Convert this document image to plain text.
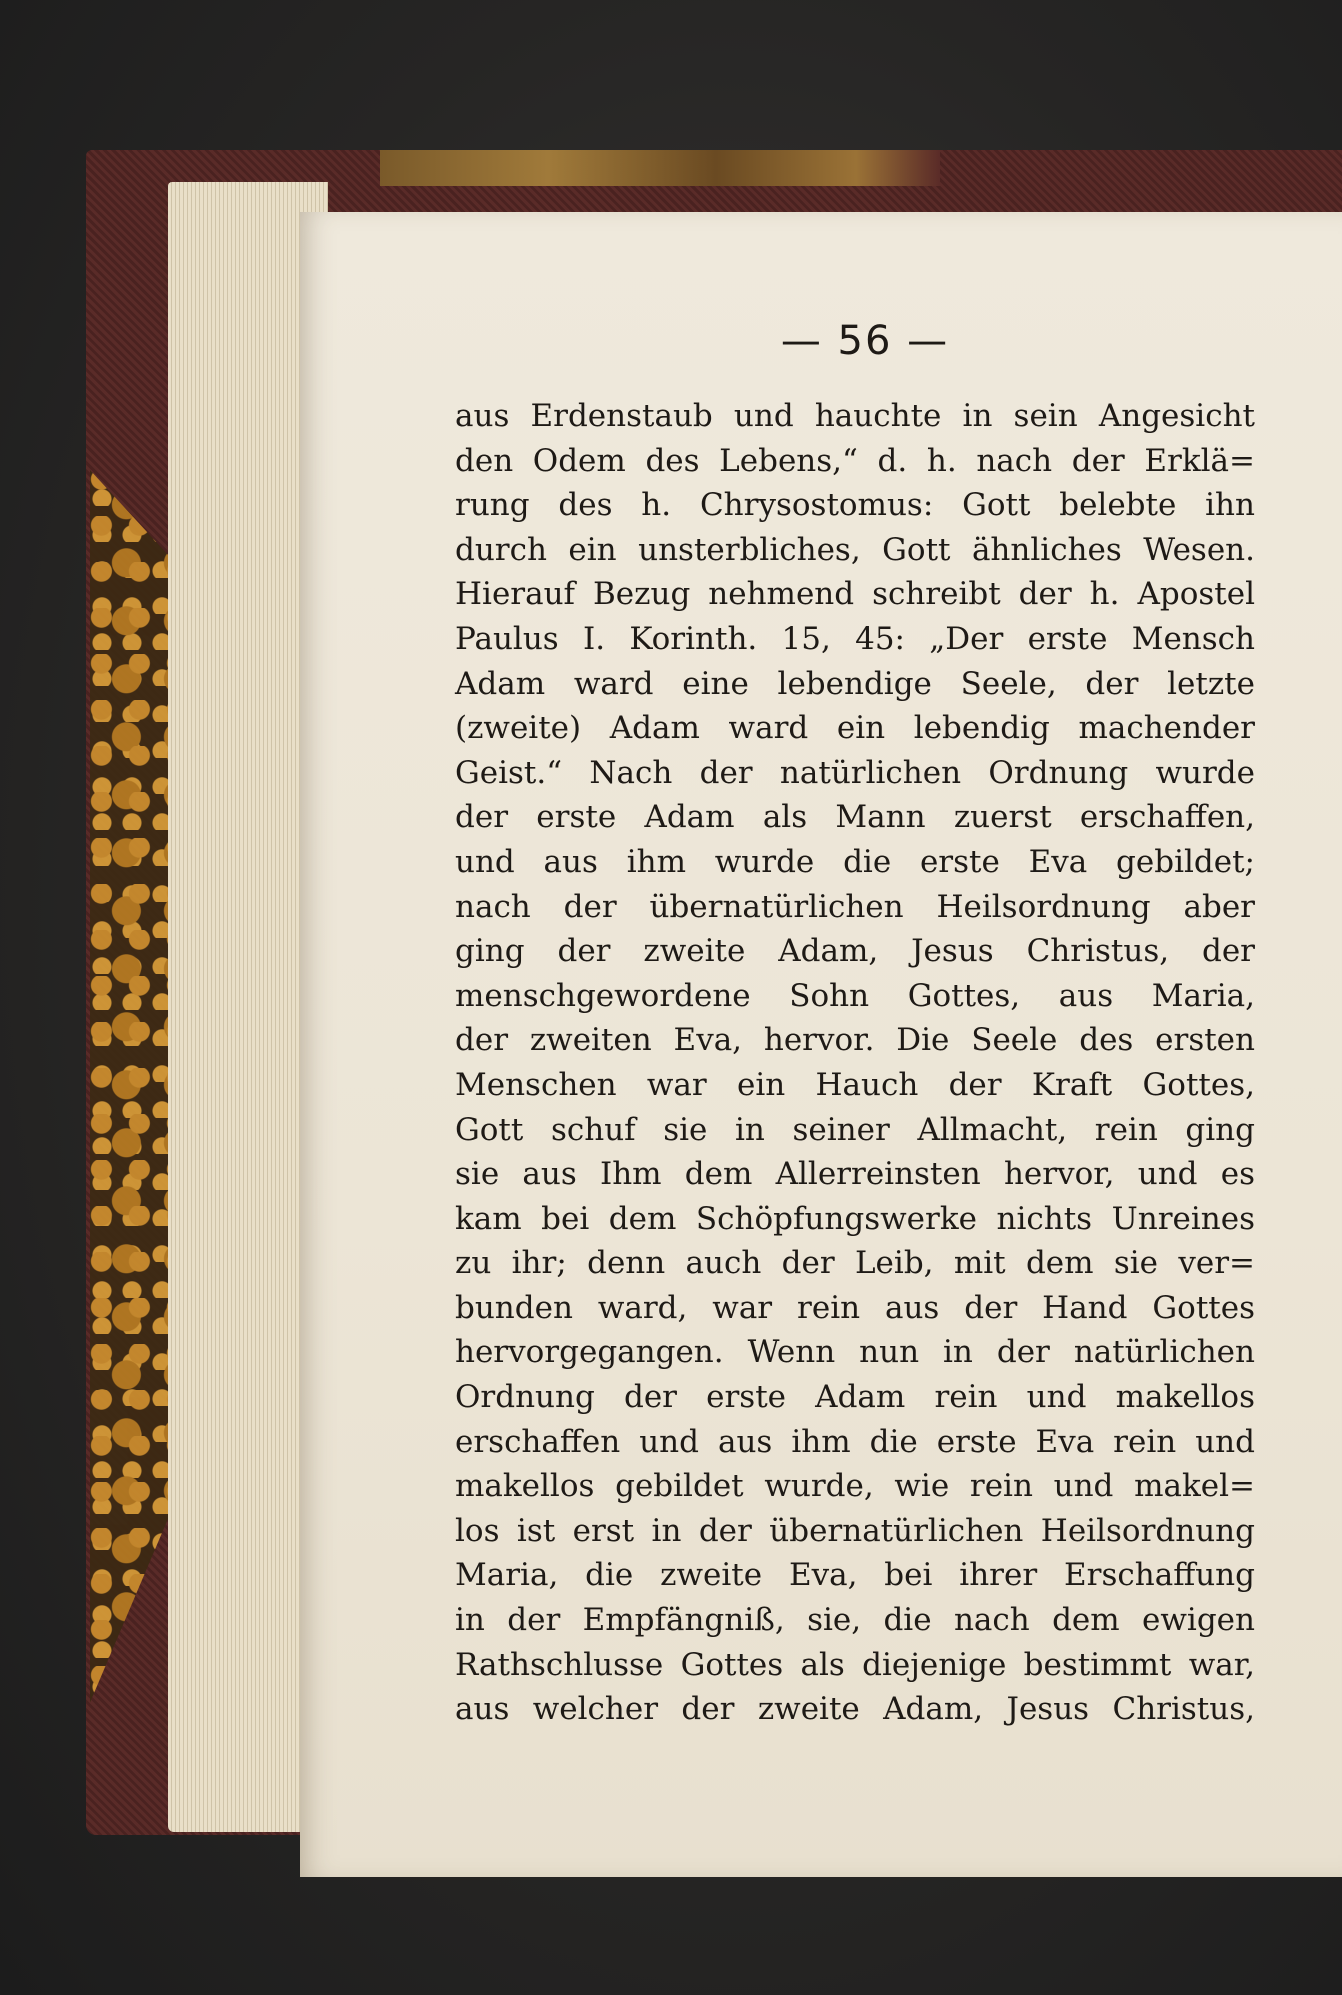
— 56 —
aus Erdenstaub und hauchte in sein Angesicht
den Odem des Lebens,“ d. h. nach der Erklä=
rung des h. Chrysostomus: Gott belebte ihn
durch ein unsterbliches, Gott ähnliches Wesen.
Hierauf Bezug nehmend schreibt der h. Apostel
Paulus I. Korinth. 15, 45: „Der erste Mensch
Adam ward eine lebendige Seele, der letzte
(zweite) Adam ward ein lebendig machender
Geist.“ Nach der natürlichen Ordnung wurde
der erste Adam als Mann zuerst erschaffen,
und aus ihm wurde die erste Eva gebildet;
nach der übernatürlichen Heilsordnung aber
ging der zweite Adam, Jesus Christus, der
menschgewordene Sohn Gottes, aus Maria,
der zweiten Eva, hervor. Die Seele des ersten
Menschen war ein Hauch der Kraft Gottes,
Gott schuf sie in seiner Allmacht, rein ging
sie aus Ihm dem Allerreinsten hervor, und es
kam bei dem Schöpfungswerke nichts Unreines
zu ihr; denn auch der Leib, mit dem sie ver=
bunden ward, war rein aus der Hand Gottes
hervorgegangen. Wenn nun in der natürlichen
Ordnung der erste Adam rein und makellos
erschaffen und aus ihm die erste Eva rein und
makellos gebildet wurde, wie rein und makel=
los ist erst in der übernatürlichen Heilsordnung
Maria, die zweite Eva, bei ihrer Erschaffung
in der Empfängniß, sie, die nach dem ewigen
Rathschlusse Gottes als diejenige bestimmt war,
aus welcher der zweite Adam, Jesus Christus,
